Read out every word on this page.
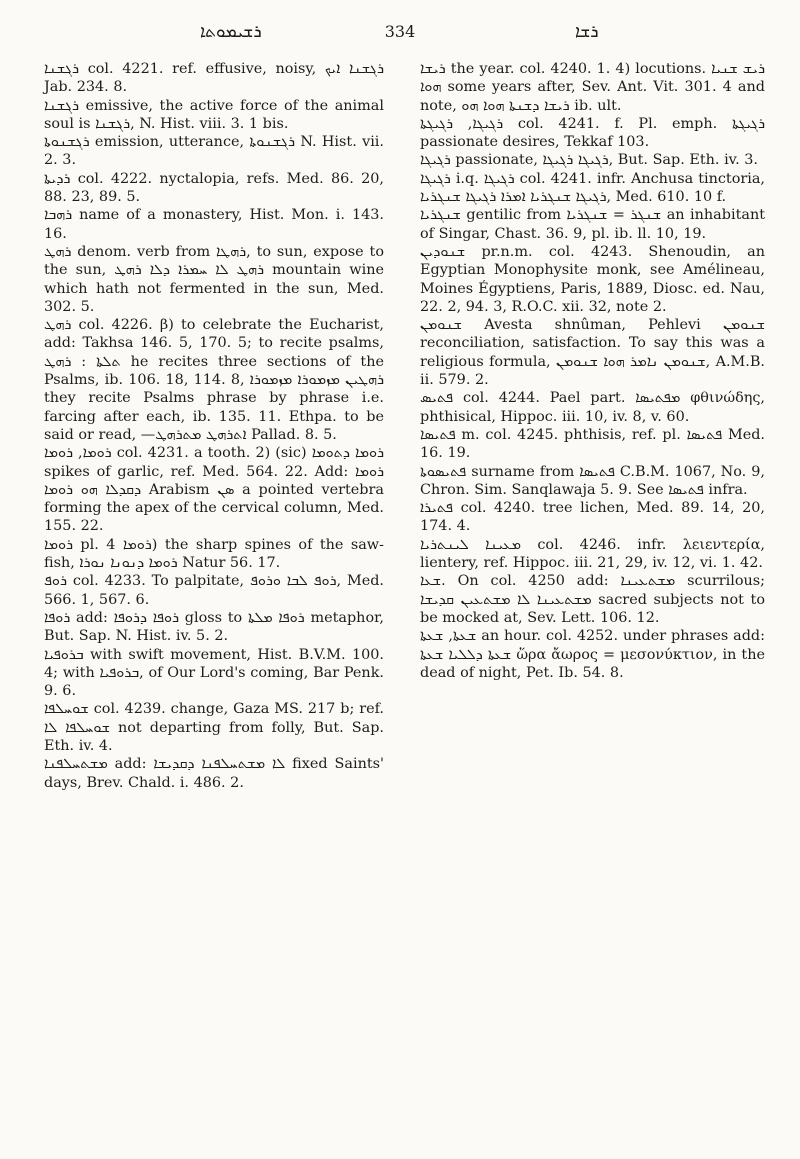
ܪܫܝܡܘܬܐ	334	ܪܫܐ

ܪܓܫܢܐ col. 4221. ref. effusive, noisy, ܪܓܫܢܐ ܐܝܟ Jab. 234. 8.

ܪܓܫܢܐ emissive, the active force of the animal soul is ܪܓܫܢܐ, N. Hist. viii. 3. 1 bis.

ܪܓܫܢܘܬܐ emission, utterance, ܪܓܫܢܘܬܐ N. Hist. vii. 2. 3.

ܪܕܝܬܐ col. 4222. nyctalopia, refs. Med. 86. 20, 88. 23, 89. 5.

ܪܗܒܐ name of a monastery, Hist. Mon. i. 143. 16.

ܪܗܛ denom. verb from ܪܗܛܐ, to sun, expose to the sun, ܪܗܛ ܠܐ ܚܡܪܐ ܕܠܐ ܪܗܛ mountain wine which hath not fermented in the sun, Med. 302. 5.

ܪܗܛ col. 4226. β) to celebrate the Eucharist, add: Takhsa 146. 5, 170. 5; to recite psalms, ܬܠܬܐ : ܪܗܛ he recites three sections of the Psalms, ib. 106. 18, 114. 8, ܪܗܛܝܢ ܡܙܡܘܪܐ ܡܙܡܘܪܐ they recite Psalms phrase by phrase i.e. farcing after each, ib. 135. 11. Ethpa. to be said or read, —ܐܬܪܗܛ ܡܬܪܗܛ Pallad. 8. 5.

ܪܘܡܐ, ܪܘܡܐ col. 4231. a tooth. 2) (sic) ܪܘܡܐ ܕܬܘܡܐ spikes of garlic, ref. Med. 564. 22. Add: ܪܘܡܐ ܕܩܕܠܐ ܗܘ ܪܘܡܐ Arabism ܣܢ a pointed vertebra forming the apex of the cervical column, Med. 155. 22.

ܪܘܡܐ pl. ܪܘܡܐ 4) the sharp spines of the saw-fish, ܪܘܡܐ ܕܢܘܢܐ ܢܘܪܐ Natur 56. 17.

ܪܘܦ col. 4233. To palpitate, ܪܘܦ ܠܒܐ ܘܪܘܦ, Med. 566. 1, 567. 6.

ܪܘܦܐ add: ܪܘܦܐ ܕܪܘܦܐ gloss to ܪܘܦܐ ܡܠܬܐ metaphor, But. Sap. N. Hist. iv. 5. 2.

ܒܪܘܦܝܐ with swift movement, Hist. B.V.M. 100. 4; with ܒܪܘܦܝܐ, of Our Lord's coming, Bar Penk. 9. 6.

ܫܘܚܠܦܐ col. 4239. change, Gaza MS. 217 b; ref. ܫܘܚܠܦܐ ܠܐ not departing from folly, But. Sap. Eth. iv. 4.

ܡܫܬܚܠܦܢܐ add: ܠܐ ܡܫܬܚܠܦܢܐ ܕܩܕܝܫܐ fixed Saints' days, Brev. Chald. i. 486. 2.

ܪܝܫܐ the year. col. 4240. 1. 4) locutions. ܪܝܫ ܫܢܝܐ ܗܘܐ some years after, Sev. Ant. Vit. 301. 4 and note, ܪܝܫܐ ܕܫܢܬܐ ܗܘܐ ܗܘ ib. ult.

ܪܓܝܓܐ, ܪܓܝܓܬܐ col. 4241. f. Pl. emph. ܪܓܝܓܬܐ passionate desires, Tekkaf 103.

ܪܓܝܓܐ passionate, ܪܓܝܓܐ ܪܓܝܓܐ, But. Sap. Eth. iv. 3.

ܪܓܝܓܐ i.q. ܪܓܝܓܐ col. 4241. infr. Anchusa tinctoria, ܪܓܝܓܐ ܫܢܓܪܝܐ ܐܡܪܐ ܪܓܝܓܐ ܫܢܓܪܝܐ, Med. 610. 10 f.

ܫܢܓܪܝܐ gentilic from ܫܢܓܪ = ܫܢܓܪܝܐ an inhabitant of Singar, Chast. 36. 9, pl. ib. ll. 10, 19.

ܫܢܘܕܝܢ pr.n.m. col. 4243. Shenoudin, an Egyptian Monophysite monk, see Amélineau, Moines Égyptiens, Paris, 1889, Diosc. ed. Nau, 22. 2, 94. 3, R.O.C. xii. 32, note 2.

ܫܢܘܡܢ Avesta shnûman, Pehlevi ܫܢܘܡܢ reconciliation, satisfaction. To say this was a religious formula, ܫܢܘܡܢ ܢܐܡܪ ܗܘܐ ܫܢܘܡܢ, A.M.B. ii. 579. 2.

ܦܬܝܣ col. 4244. Pael part. ܡܦܬܝܣܐ φθινώδης, phthisical, Hippoc. iii. 10, iv. 8, v. 60.

ܦܬܝܣܐ m. col. 4245. phthisis, ref. pl. ܦܬܝܣܐ Med. 16. 19.

ܦܬܝܣܘܬܐ surname from ܦܬܝܣܐ C.B.M. 1067, No. 9, Chron. Sim. Sanqlawaja 5. 9. See ܦܬܝܣܐ infra.

ܦܬܝܪܐ col. 4240. tree lichen, Med. 89. 14, 20, 174. 4.

ܡܥܝܢܐ ܠܝܢܬܪܝܐ col. 4246. infr. λειεντερία, lientery, ref. Hippoc. iii. 21, 29, iv. 12, vi. 1. 42.

ܫܥܐ. On col. 4250 add: ܡܫܬܥܝܢܐ scurrilous; ܡܫܬܥܝܢܐ ܠܐ ܡܫܬܥܝܢ ܩܕܝܫܐ sacred subjects not to be mocked at, Sev. Lett. 106. 12.

ܫܥܬܐ, ܫܥܬܐ an hour. col. 4252. under phrases add: ܫܥܬܐ ܕܠܠܝܐ ܫܥܬܐ ὥρα ἄωρος = μεσονύκτιον, in the dead of night, Pet. Ib. 54. 8.
